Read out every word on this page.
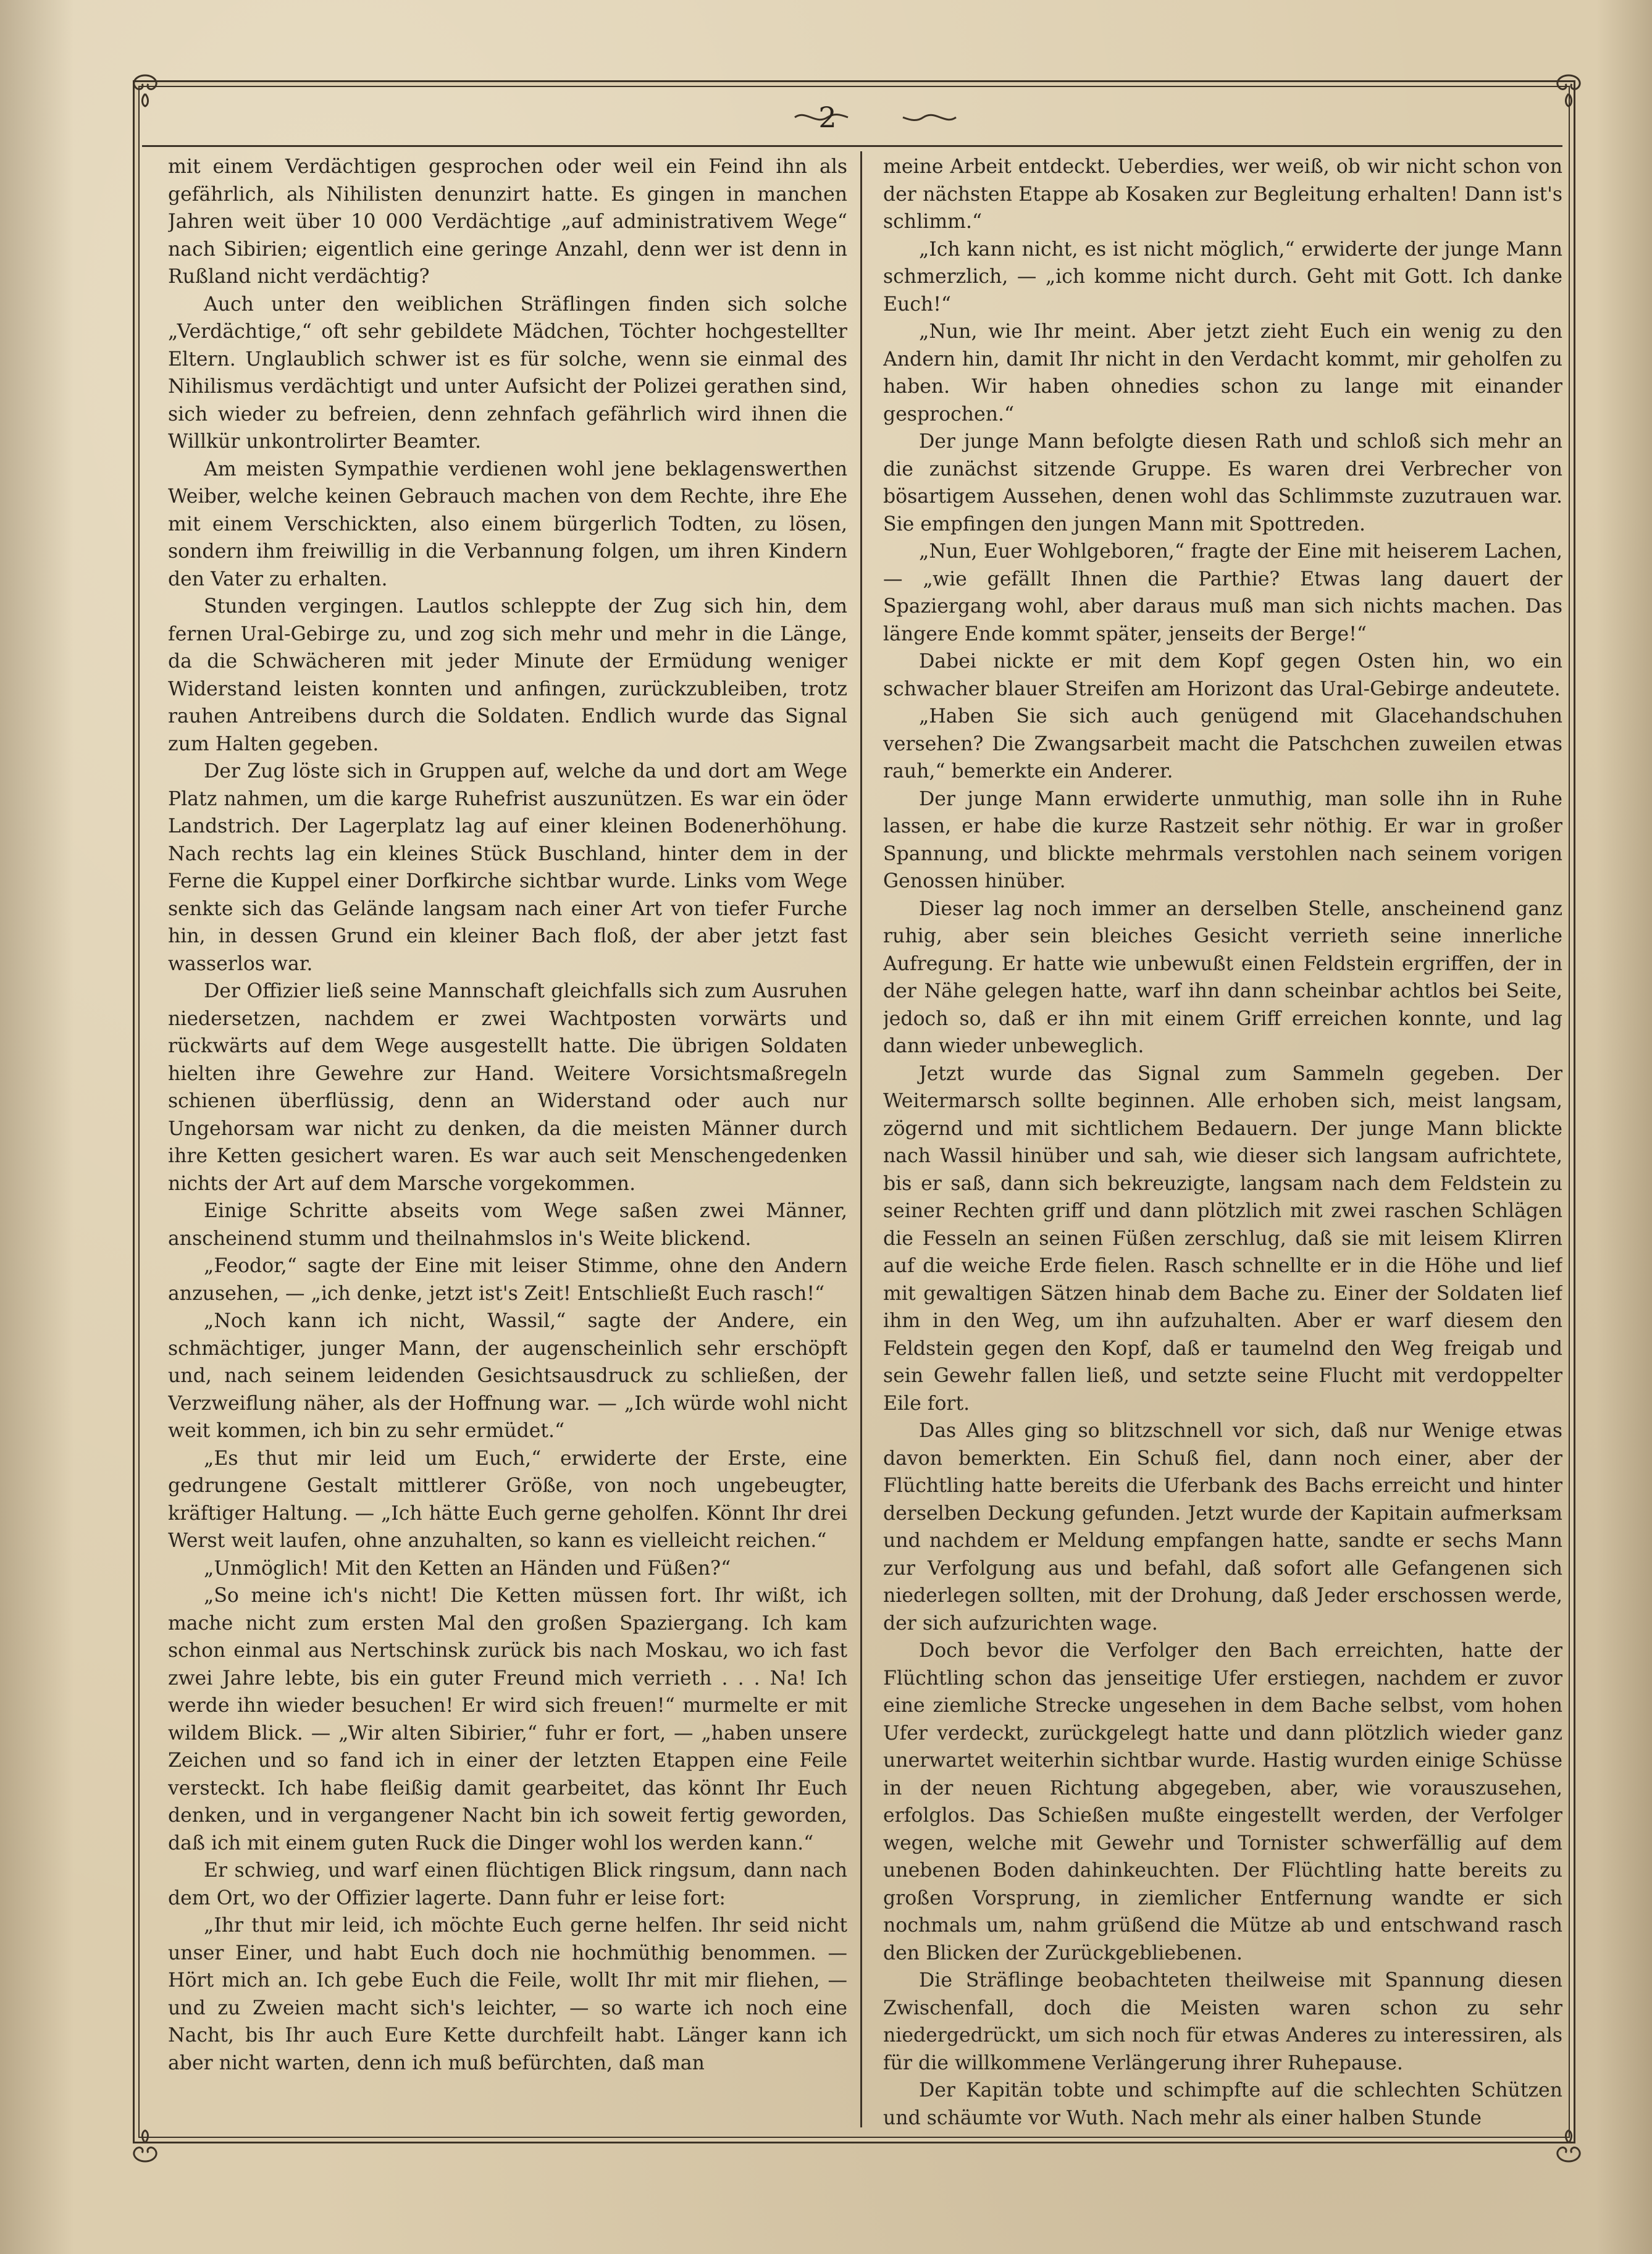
2

mit einem Verdächtigen gesprochen oder weil ein Feind ihn als gefährlich, als Nihilisten denunzirt hatte. Es gingen in manchen Jahren weit über 10 000 Verdächtige „auf administrativem Wege“ nach Sibirien; eigentlich eine geringe Anzahl, denn wer ist denn in Rußland nicht verdächtig?

Auch unter den weiblichen Sträflingen finden sich solche „Verdächtige,“ oft sehr gebildete Mädchen, Töchter hochgestellter Eltern. Unglaublich schwer ist es für solche, wenn sie einmal des Nihilismus verdächtigt und unter Aufsicht der Polizei gerathen sind, sich wieder zu befreien, denn zehnfach gefährlich wird ihnen die Willkür unkontrolirter Beamter.

Am meisten Sympathie verdienen wohl jene beklagenswerthen Weiber, welche keinen Gebrauch machen von dem Rechte, ihre Ehe mit einem Verschickten, also einem bürgerlich Todten, zu lösen, sondern ihm freiwillig in die Verbannung folgen, um ihren Kindern den Vater zu erhalten.

Stunden vergingen. Lautlos schleppte der Zug sich hin, dem fernen Ural-Gebirge zu, und zog sich mehr und mehr in die Länge, da die Schwächeren mit jeder Minute der Ermüdung weniger Widerstand leisten konnten und anfingen, zurückzubleiben, trotz rauhen Antreibens durch die Soldaten. Endlich wurde das Signal zum Halten gegeben.

Der Zug löste sich in Gruppen auf, welche da und dort am Wege Platz nahmen, um die karge Ruhefrist auszunützen. Es war ein öder Landstrich. Der Lagerplatz lag auf einer kleinen Bodenerhöhung. Nach rechts lag ein kleines Stück Buschland, hinter dem in der Ferne die Kuppel einer Dorfkirche sichtbar wurde. Links vom Wege senkte sich das Gelände langsam nach einer Art von tiefer Furche hin, in dessen Grund ein kleiner Bach floß, der aber jetzt fast wasserlos war.

Der Offizier ließ seine Mannschaft gleichfalls sich zum Ausruhen niedersetzen, nachdem er zwei Wachtposten vorwärts und rückwärts auf dem Wege ausgestellt hatte. Die übrigen Soldaten hielten ihre Gewehre zur Hand. Weitere Vorsichtsmaßregeln schienen überflüssig, denn an Widerstand oder auch nur Ungehorsam war nicht zu denken, da die meisten Männer durch ihre Ketten gesichert waren. Es war auch seit Menschengedenken nichts der Art auf dem Marsche vorgekommen.

Einige Schritte abseits vom Wege saßen zwei Männer, anscheinend stumm und theilnahmslos in's Weite blickend.

„Feodor,“ sagte der Eine mit leiser Stimme, ohne den Andern anzusehen, — „ich denke, jetzt ist's Zeit! Entschließt Euch rasch!“

„Noch kann ich nicht, Wassil,“ sagte der Andere, ein schmächtiger, junger Mann, der augenscheinlich sehr erschöpft und, nach seinem leidenden Gesichtsausdruck zu schließen, der Verzweiflung näher, als der Hoffnung war. — „Ich würde wohl nicht weit kommen, ich bin zu sehr ermüdet.“

„Es thut mir leid um Euch,“ erwiderte der Erste, eine gedrungene Gestalt mittlerer Größe, von noch ungebeugter, kräftiger Haltung. — „Ich hätte Euch gerne geholfen. Könnt Ihr drei Werst weit laufen, ohne anzuhalten, so kann es vielleicht reichen.“

„Unmöglich! Mit den Ketten an Händen und Füßen?“

„So meine ich's nicht! Die Ketten müssen fort. Ihr wißt, ich mache nicht zum ersten Mal den großen Spaziergang. Ich kam schon einmal aus Nertschinsk zurück bis nach Moskau, wo ich fast zwei Jahre lebte, bis ein guter Freund mich verrieth . . . Na! Ich werde ihn wieder besuchen! Er wird sich freuen!“ murmelte er mit wildem Blick. — „Wir alten Sibirier,“ fuhr er fort, — „haben unsere Zeichen und so fand ich in einer der letzten Etappen eine Feile versteckt. Ich habe fleißig damit gearbeitet, das könnt Ihr Euch denken, und in vergangener Nacht bin ich soweit fertig geworden, daß ich mit einem guten Ruck die Dinger wohl los werden kann.“

Er schwieg, und warf einen flüchtigen Blick ringsum, dann nach dem Ort, wo der Offizier lagerte. Dann fuhr er leise fort:

„Ihr thut mir leid, ich möchte Euch gerne helfen. Ihr seid nicht unser Einer, und habt Euch doch nie hochmüthig benommen. — Hört mich an. Ich gebe Euch die Feile, wollt Ihr mit mir fliehen, — und zu Zweien macht sich's leichter, — so warte ich noch eine Nacht, bis Ihr auch Eure Kette durchfeilt habt. Länger kann ich aber nicht warten, denn ich muß befürchten, daß man

meine Arbeit entdeckt. Ueberdies, wer weiß, ob wir nicht schon von der nächsten Etappe ab Kosaken zur Begleitung erhalten! Dann ist's schlimm.“

„Ich kann nicht, es ist nicht möglich,“ erwiderte der junge Mann schmerzlich, — „ich komme nicht durch. Geht mit Gott. Ich danke Euch!“

„Nun, wie Ihr meint. Aber jetzt zieht Euch ein wenig zu den Andern hin, damit Ihr nicht in den Verdacht kommt, mir geholfen zu haben. Wir haben ohnedies schon zu lange mit einander gesprochen.“

Der junge Mann befolgte diesen Rath und schloß sich mehr an die zunächst sitzende Gruppe. Es waren drei Verbrecher von bösartigem Aussehen, denen wohl das Schlimmste zuzutrauen war. Sie empfingen den jungen Mann mit Spottreden.

„Nun, Euer Wohlgeboren,“ fragte der Eine mit heiserem Lachen, — „wie gefällt Ihnen die Parthie? Etwas lang dauert der Spaziergang wohl, aber daraus muß man sich nichts machen. Das längere Ende kommt später, jenseits der Berge!“

Dabei nickte er mit dem Kopf gegen Osten hin, wo ein schwacher blauer Streifen am Horizont das Ural-Gebirge andeutete.

„Haben Sie sich auch genügend mit Glacehandschuhen versehen? Die Zwangsarbeit macht die Patschchen zuweilen etwas rauh,“ bemerkte ein Anderer.

Der junge Mann erwiderte unmuthig, man solle ihn in Ruhe lassen, er habe die kurze Rastzeit sehr nöthig. Er war in großer Spannung, und blickte mehrmals verstohlen nach seinem vorigen Genossen hinüber.

Dieser lag noch immer an derselben Stelle, anscheinend ganz ruhig, aber sein bleiches Gesicht verrieth seine innerliche Aufregung. Er hatte wie unbewußt einen Feldstein ergriffen, der in der Nähe gelegen hatte, warf ihn dann scheinbar achtlos bei Seite, jedoch so, daß er ihn mit einem Griff erreichen konnte, und lag dann wieder unbeweglich.

Jetzt wurde das Signal zum Sammeln gegeben. Der Weitermarsch sollte beginnen. Alle erhoben sich, meist langsam, zögernd und mit sichtlichem Bedauern. Der junge Mann blickte nach Wassil hinüber und sah, wie dieser sich langsam aufrichtete, bis er saß, dann sich bekreuzigte, langsam nach dem Feldstein zu seiner Rechten griff und dann plötzlich mit zwei raschen Schlägen die Fesseln an seinen Füßen zerschlug, daß sie mit leisem Klirren auf die weiche Erde fielen. Rasch schnellte er in die Höhe und lief mit gewaltigen Sätzen hinab dem Bache zu. Einer der Soldaten lief ihm in den Weg, um ihn aufzuhalten. Aber er warf diesem den Feldstein gegen den Kopf, daß er taumelnd den Weg freigab und sein Gewehr fallen ließ, und setzte seine Flucht mit verdoppelter Eile fort.

Das Alles ging so blitzschnell vor sich, daß nur Wenige etwas davon bemerkten. Ein Schuß fiel, dann noch einer, aber der Flüchtling hatte bereits die Uferbank des Bachs erreicht und hinter derselben Deckung gefunden. Jetzt wurde der Kapitain aufmerksam und nachdem er Meldung empfangen hatte, sandte er sechs Mann zur Verfolgung aus und befahl, daß sofort alle Gefangenen sich niederlegen sollten, mit der Drohung, daß Jeder erschossen werde, der sich aufzurichten wage.

Doch bevor die Verfolger den Bach erreichten, hatte der Flüchtling schon das jenseitige Ufer erstiegen, nachdem er zuvor eine ziemliche Strecke ungesehen in dem Bache selbst, vom hohen Ufer verdeckt, zurückgelegt hatte und dann plötzlich wieder ganz unerwartet weiterhin sichtbar wurde. Hastig wurden einige Schüsse in der neuen Richtung abgegeben, aber, wie vorauszusehen, erfolglos. Das Schießen mußte eingestellt werden, der Verfolger wegen, welche mit Gewehr und Tornister schwerfällig auf dem unebenen Boden dahinkeuchten. Der Flüchtling hatte bereits zu großen Vorsprung, in ziemlicher Entfernung wandte er sich nochmals um, nahm grüßend die Mütze ab und entschwand rasch den Blicken der Zurückgebliebenen.

Die Sträflinge beobachteten theilweise mit Spannung diesen Zwischenfall, doch die Meisten waren schon zu sehr niedergedrückt, um sich noch für etwas Anderes zu interessiren, als für die willkommene Verlängerung ihrer Ruhepause.

Der Kapitän tobte und schimpfte auf die schlechten Schützen und schäumte vor Wuth. Nach mehr als einer halben Stunde
